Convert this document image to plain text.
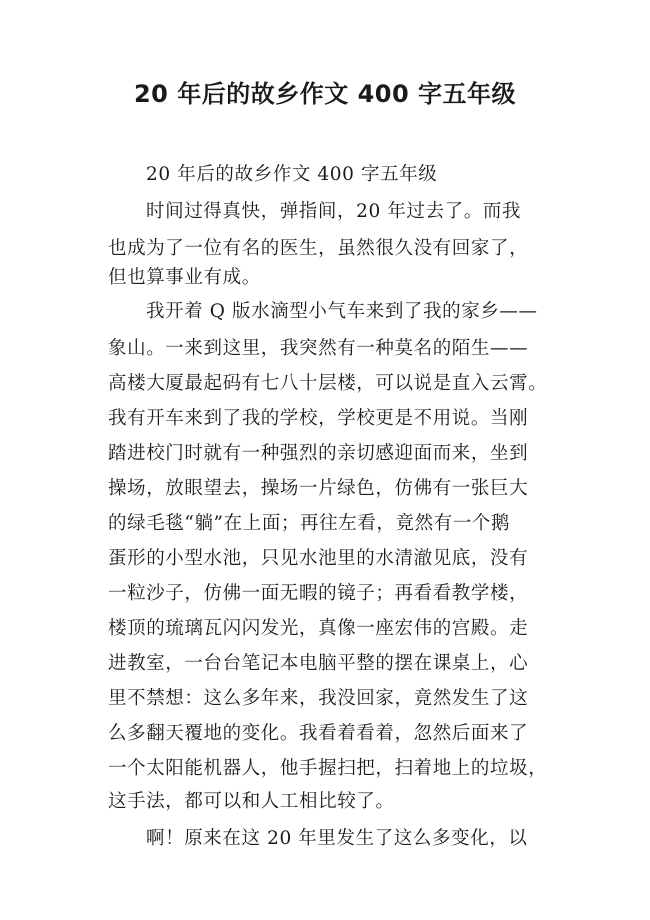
20 年后的故乡作文 400 字五年级

20 年后的故乡作文 400 字五年级

时间过得真快，弹指间，20 年过去了。而我

也成为了一位有名的医生，虽然很久没有回家了，

但也算事业有成。

我开着 Q 版水滴型小气车来到了我的家乡——

象山。一来到这里，我突然有一种莫名的陌生——

高楼大厦最起码有七八十层楼，可以说是直入云霄。

我有开车来到了我的学校，学校更是不用说。当刚

踏进校门时就有一种强烈的亲切感迎面而来，坐到

操场，放眼望去，操场一片绿色，仿佛有一张巨大

的绿毛毯“躺”在上面；再往左看，竟然有一个鹅

蛋形的小型水池，只见水池里的水清澈见底，没有

一粒沙子，仿佛一面无暇的镜子；再看看教学楼，

楼顶的琉璃瓦闪闪发光，真像一座宏伟的宫殿。走

进教室，一台台笔记本电脑平整的摆在课桌上，心

里不禁想：这么多年来，我没回家，竟然发生了这

么多翻天覆地的变化。我看着看着，忽然后面来了

一个太阳能机器人，他手握扫把，扫着地上的垃圾，

这手法，都可以和人工相比较了。

啊！原来在这 20 年里发生了这么多变化，以
